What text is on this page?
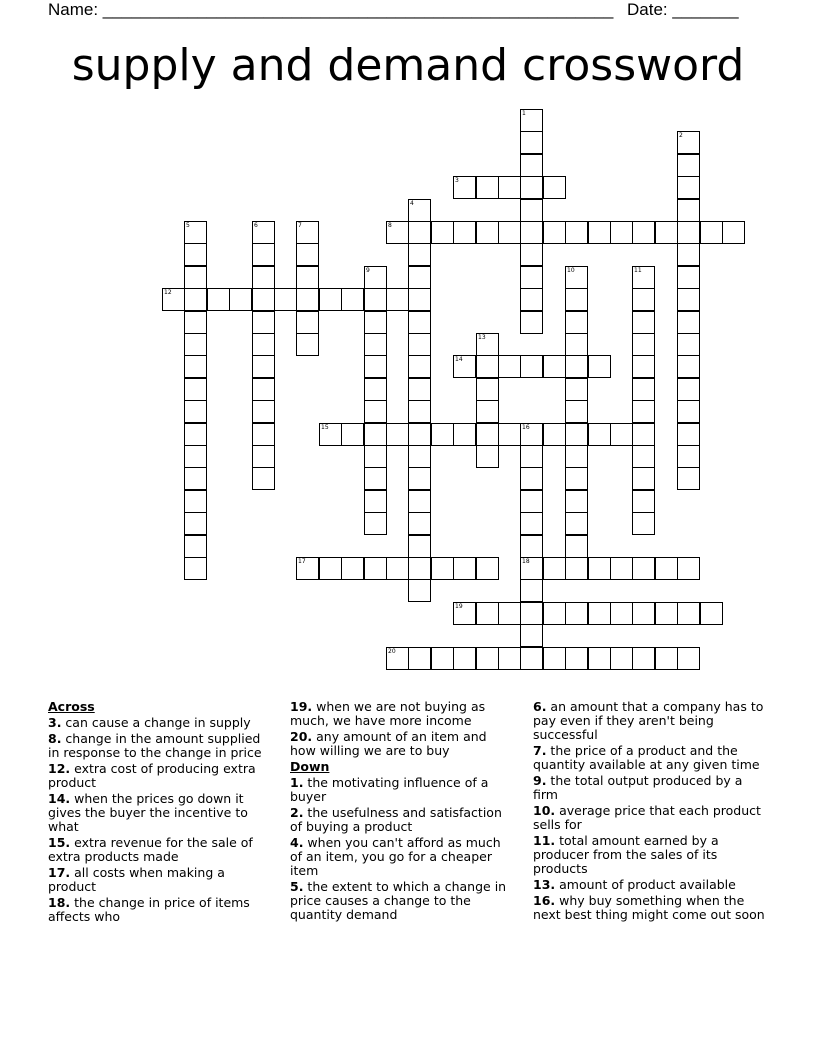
Name: ______________________________________________________ Date: _______
supply and demand crossword
3
8
12
14
15	16
17	18
19
20
1
2
4
5	6	7
9	10	11
13
Across
3. can cause a change in supply
8. change in the amount supplied in response to the change in price
12. extra cost of producing extra product
14. when the prices go down it gives the buyer the incentive to what
15. extra revenue for the sale of extra products made
17. all costs when making a product
18. the change in price of items affects who
19. when we are not buying as much, we have more income
20. any amount of an item and how willing we are to buy
Down
1. the motivating influence of a buyer
2. the usefulness and satisfaction of buying a product
4. when you can't afford as much of an item, you go for a cheaper item
5. the extent to which a change in price causes a change to the quantity demand
6. an amount that a company has to pay even if they aren't being successful
7. the price of a product and the quantity available at any given time
9. the total output produced by a firm
10. average price that each product sells for
11. total amount earned by a producer from the sales of its products
13. amount of product available
16. why buy something when the next best thing might come out soon
